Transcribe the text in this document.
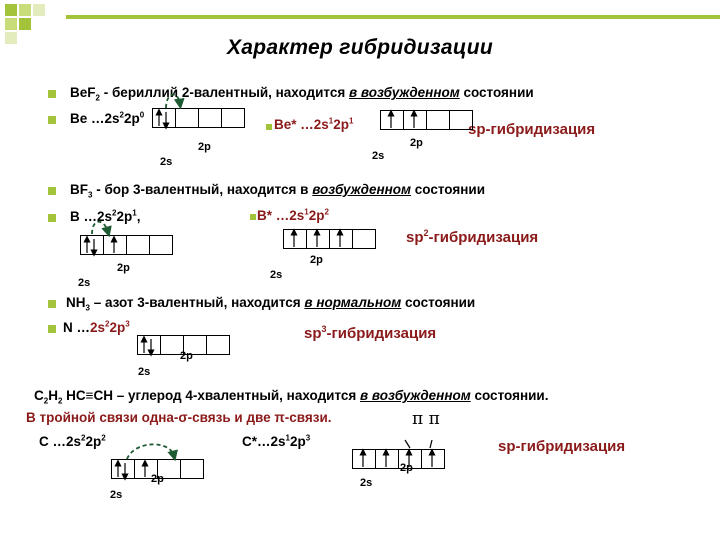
Характер гибридизации
BeF$_2$ - бериллий 2-валентный, находится в возбужденном состоянии
Be $\dots 2s^22p^0$
Be* $\dots 2s^12p^1$	sp-гибридизация
2s
2p
2s
2p
$BF_3$ - бор 3-валентный, находится в возбужденном состоянии
B $\dots 2s^22p^1$,	B* $\dots 2s^12p^2$
$sp^2$-гибридизация
2s
2p
2s
2p
$NH_3$ – азот 3-валентный, находится в нормальном состоянии
N $\dots 2s^22p^3$
$sp^3$-гибридизация
2s
2p
$C_2H_2$ HC≡CH – углерод 4-хвалентный, находится в возбужденном состоянии.
В тройной связи одна-σ-связь и две π-связи.
C $\dots 2s^22p^2$	$C*\dots 2s^12p^3$
π π
sp-гибридизация
2s
2p	2s
2p
